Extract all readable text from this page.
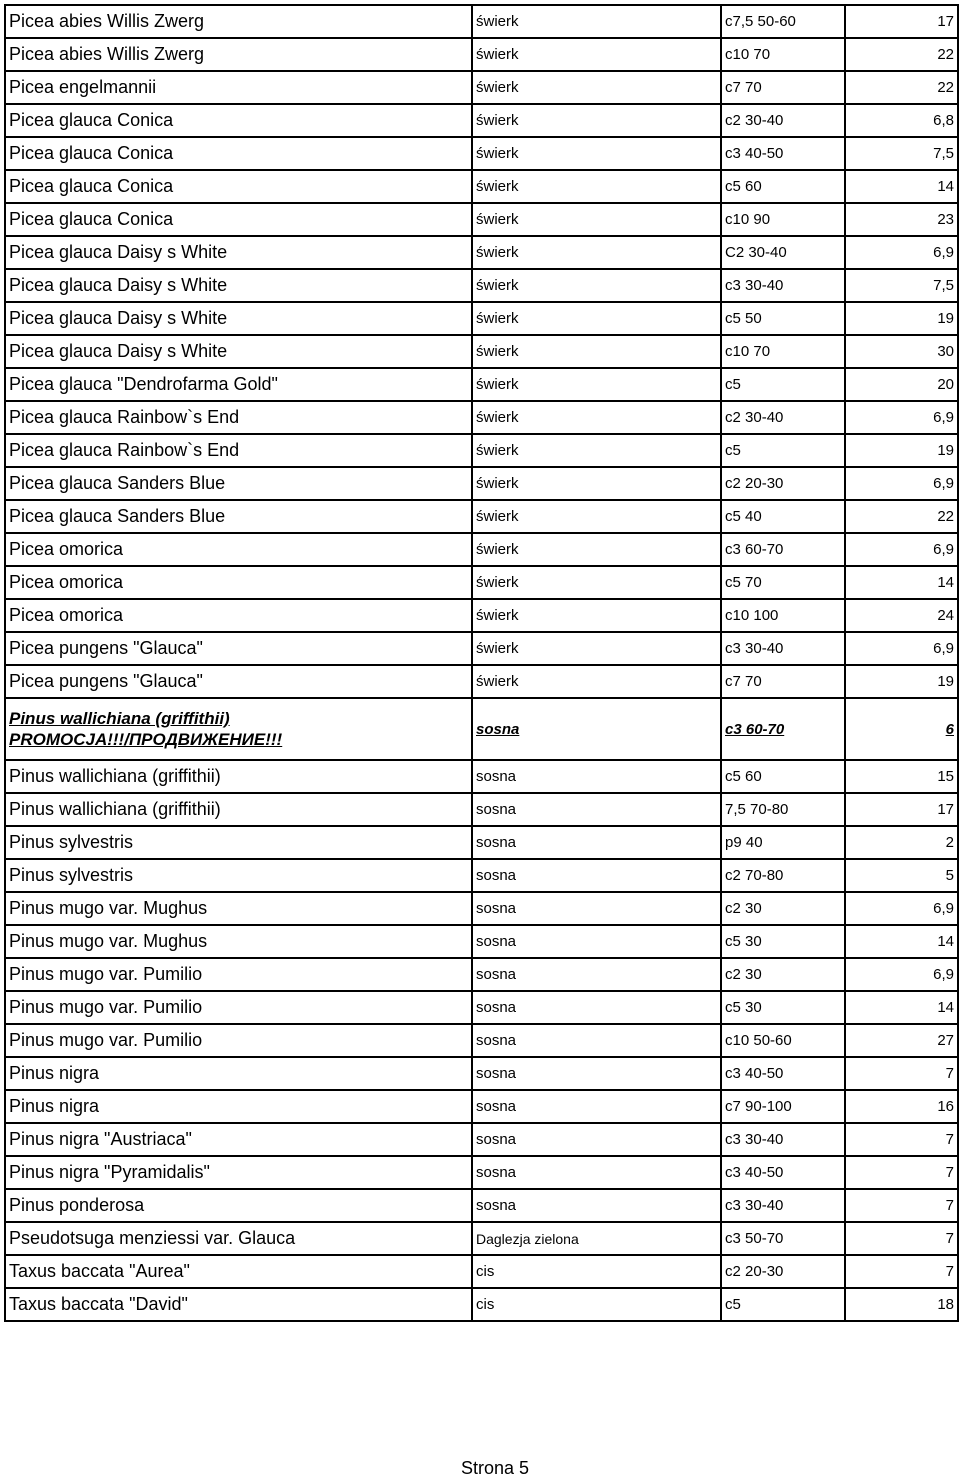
Picea abies Willis Zwerg	świerk	c7,5 50-60	17
Picea abies Willis Zwerg	świerk	c10 70	22
Picea engelmannii	świerk	c7 70	22
Picea glauca Conica	świerk	c2 30-40	6,8
Picea glauca Conica	świerk	c3 40-50	7,5
Picea glauca Conica	świerk	c5 60	14
Picea glauca Conica	świerk	c10 90	23
Picea glauca Daisy s White	świerk	C2 30-40	6,9
Picea glauca Daisy s White	świerk	c3 30-40	7,5
Picea glauca Daisy s White	świerk	c5 50	19
Picea glauca Daisy s White	świerk	c10 70	30
Picea glauca "Dendrofarma Gold"	świerk	c5	20
Picea glauca Rainbow`s End	świerk	c2 30-40	6,9
Picea glauca Rainbow`s End	świerk	c5	19
Picea glauca Sanders Blue	świerk	c2 20-30	6,9
Picea glauca Sanders Blue	świerk	c5 40	22
Picea omorica	świerk	c3 60-70	6,9
Picea omorica	świerk	c5 70	14
Picea omorica	świerk	c10 100	24
Picea pungens "Glauca"	świerk	c3 30-40	6,9
Picea pungens "Glauca"	świerk	c7 70	19
Pinus wallichiana (griffithii)
PROMOCJA!!!/ПРОДВИЖЕНИЕ!!!	sosna	c3 60-70	6
Pinus wallichiana (griffithii)	sosna	c5 60	15
Pinus wallichiana (griffithii)	sosna	7,5 70-80	17
Pinus sylvestris	sosna	p9 40	2
Pinus sylvestris	sosna	c2 70-80	5
Pinus mugo var. Mughus	sosna	c2 30	6,9
Pinus mugo var. Mughus	sosna	c5 30	14
Pinus mugo var. Pumilio	sosna	c2 30	6,9
Pinus mugo var. Pumilio	sosna	c5 30	14
Pinus mugo var. Pumilio	sosna	c10 50-60	27
Pinus nigra	sosna	c3 40-50	7
Pinus nigra	sosna	c7 90-100	16
Pinus nigra "Austriaca"	sosna	c3 30-40	7
Pinus nigra "Pyramidalis"	sosna	c3 40-50	7
Pinus ponderosa	sosna	c3 30-40	7
Pseudotsuga menziessi var. Glauca	Daglezja zielona	c3 50-70	7
Taxus baccata "Aurea"	cis	c2 20-30	7
Taxus baccata "David"	cis	c5	18
Strona 5
